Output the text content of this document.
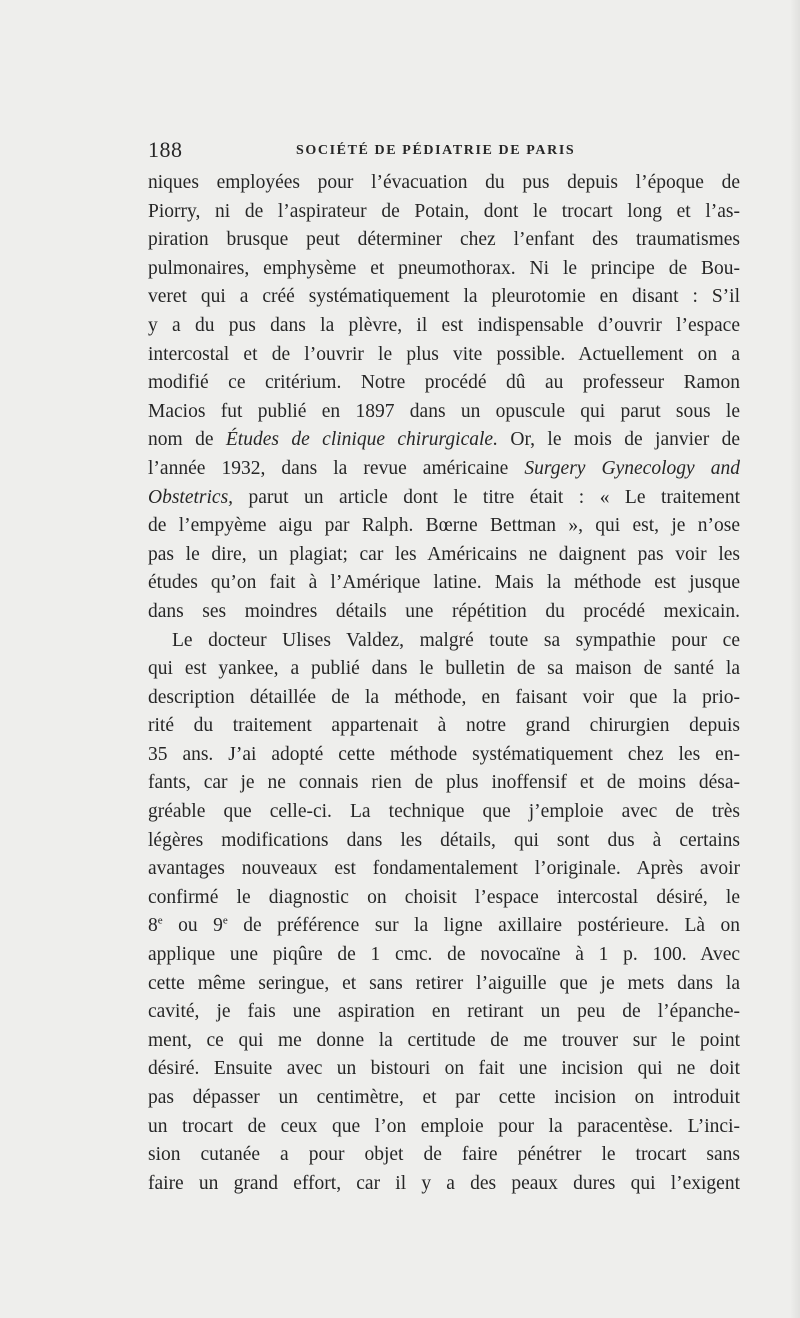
188	SOCIÉTÉ DE PÉDIATRIE DE PARIS

niques employées pour l’évacuation du pus depuis l’époque de
Piorry, ni de l’aspirateur de Potain, dont le trocart long et l’as-
piration brusque peut déterminer chez l’enfant des traumatismes
pulmonaires, emphysème et pneumothorax. Ni le principe de Bou-
veret qui a créé systématiquement la pleurotomie en disant : S’il
y a du pus dans la plèvre, il est indispensable d’ouvrir l’espace
intercostal et de l’ouvrir le plus vite possible. Actuellement on a
modifié ce critérium. Notre procédé dû au professeur Ramon
Macios fut publié en 1897 dans un opuscule qui parut sous le
nom de Études de clinique chirurgicale. Or, le mois de janvier de
l’année 1932, dans la revue américaine Surgery Gynecology and
Obstetrics, parut un article dont le titre était : « Le traitement
de l’empyème aigu par Ralph. Bœrne Bettman », qui est, je n’ose
pas le dire, un plagiat; car les Américains ne daignent pas voir les
études qu’on fait à l’Amérique latine. Mais la méthode est jusque
dans ses moindres détails une répétition du procédé mexicain.

Le docteur Ulises Valdez, malgré toute sa sympathie pour ce
qui est yankee, a publié dans le bulletin de sa maison de santé la
description détaillée de la méthode, en faisant voir que la prio-
rité du traitement appartenait à notre grand chirurgien depuis
35 ans. J’ai adopté cette méthode systématiquement chez les en-
fants, car je ne connais rien de plus inoffensif et de moins désa-
gréable que celle-ci. La technique que j’emploie avec de très
légères modifications dans les détails, qui sont dus à certains
avantages nouveaux est fondamentalement l’originale. Après avoir
confirmé le diagnostic on choisit l’espace intercostal désiré, le
8e ou 9e de préférence sur la ligne axillaire postérieure. Là on
applique une piqûre de 1 cmc. de novocaïne à 1 p. 100. Avec
cette même seringue, et sans retirer l’aiguille que je mets dans la
cavité, je fais une aspiration en retirant un peu de l’épanche-
ment, ce qui me donne la certitude de me trouver sur le point
désiré. Ensuite avec un bistouri on fait une incision qui ne doit
pas dépasser un centimètre, et par cette incision on introduit
un trocart de ceux que l’on emploie pour la paracentèse. L’inci-
sion cutanée a pour objet de faire pénétrer le trocart sans
faire un grand effort, car il y a des peaux dures qui l’exigent
